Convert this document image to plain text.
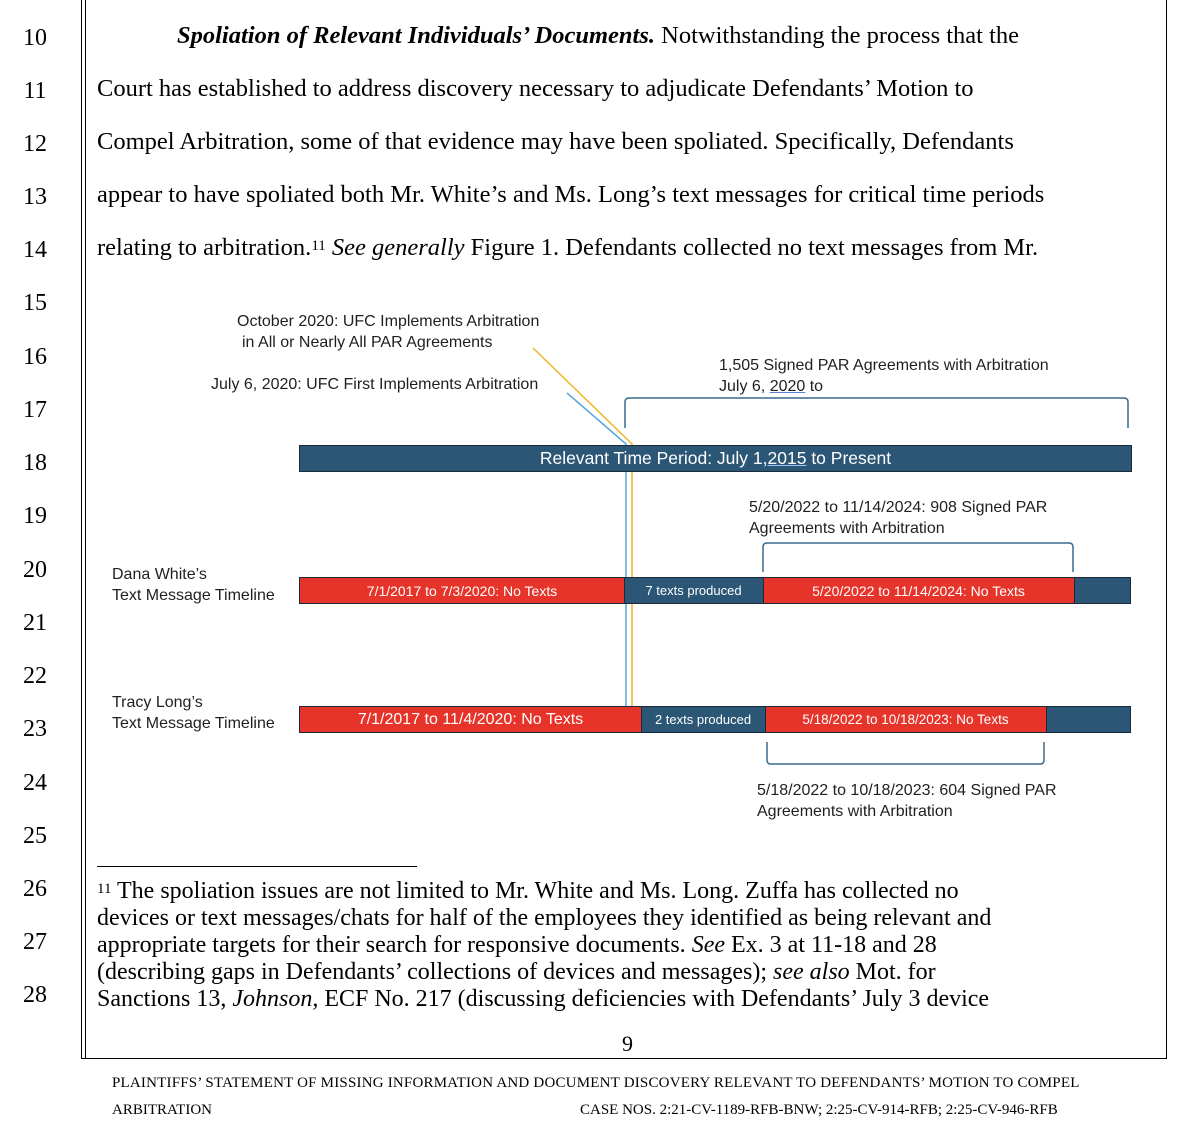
10
11
12
13
14
15
16
17
18
19
20
21
22
23
24
25
26
27
28
Spoliation of Relevant Individuals’ Documents. Notwithstanding the process that the
Court has established to address discovery necessary to adjudicate Defendants’ Motion to
Compel Arbitration, some of that evidence may have been spoliated. Specifically, Defendants
appear to have spoliated both Mr. White’s and Ms. Long’s text messages for critical time periods
relating to arbitration.$^{11}$ See generally Figure 1. Defendants collected no text messages from Mr.
October 2020: UFC Implements Arbitration
in All or Nearly All PAR Agreements
July 6, 2020: UFC First Implements Arbitration
1,505 Signed PAR Agreements with Arbitration
July 6, 2020 to
Relevant Time Period: July 1, 2015 to Present
5/20/2022 to 11/14/2024: 908 Signed PAR
Agreements with Arbitration
Dana White’s
Text Message Timeline	7/1/2017 to 7/3/2020: No Texts	7 texts produced	5/20/2022 to 11/14/2024: No Texts
Tracy Long’s
Text Message Timeline	7/1/2017 to 11/4/2020: No Texts	2 texts produced	5/18/2022 to 10/18/2023: No Texts
5/18/2022 to 10/18/2023: 604 Signed PAR
Agreements with Arbitration
$^{11}$ The spoliation issues are not limited to Mr. White and Ms. Long. Zuffa has collected no
devices or text messages/chats for half of the employees they identified as being relevant and
appropriate targets for their search for responsive documents. See Ex. 3 at 11-18 and 28
(describing gaps in Defendants’ collections of devices and messages); see also Mot. for
Sanctions 13, Johnson, ECF No. 217 (discussing deficiencies with Defendants’ July 3 device
9
PLAINTIFFS’ STATEMENT OF MISSING INFORMATION AND DOCUMENT DISCOVERY RELEVANT TO DEFENDANTS’ MOTION TO COMPEL
ARBITRATION	CASE NOS. 2:21-CV-1189-RFB-BNW; 2:25-CV-914-RFB; 2:25-CV-946-RFB
